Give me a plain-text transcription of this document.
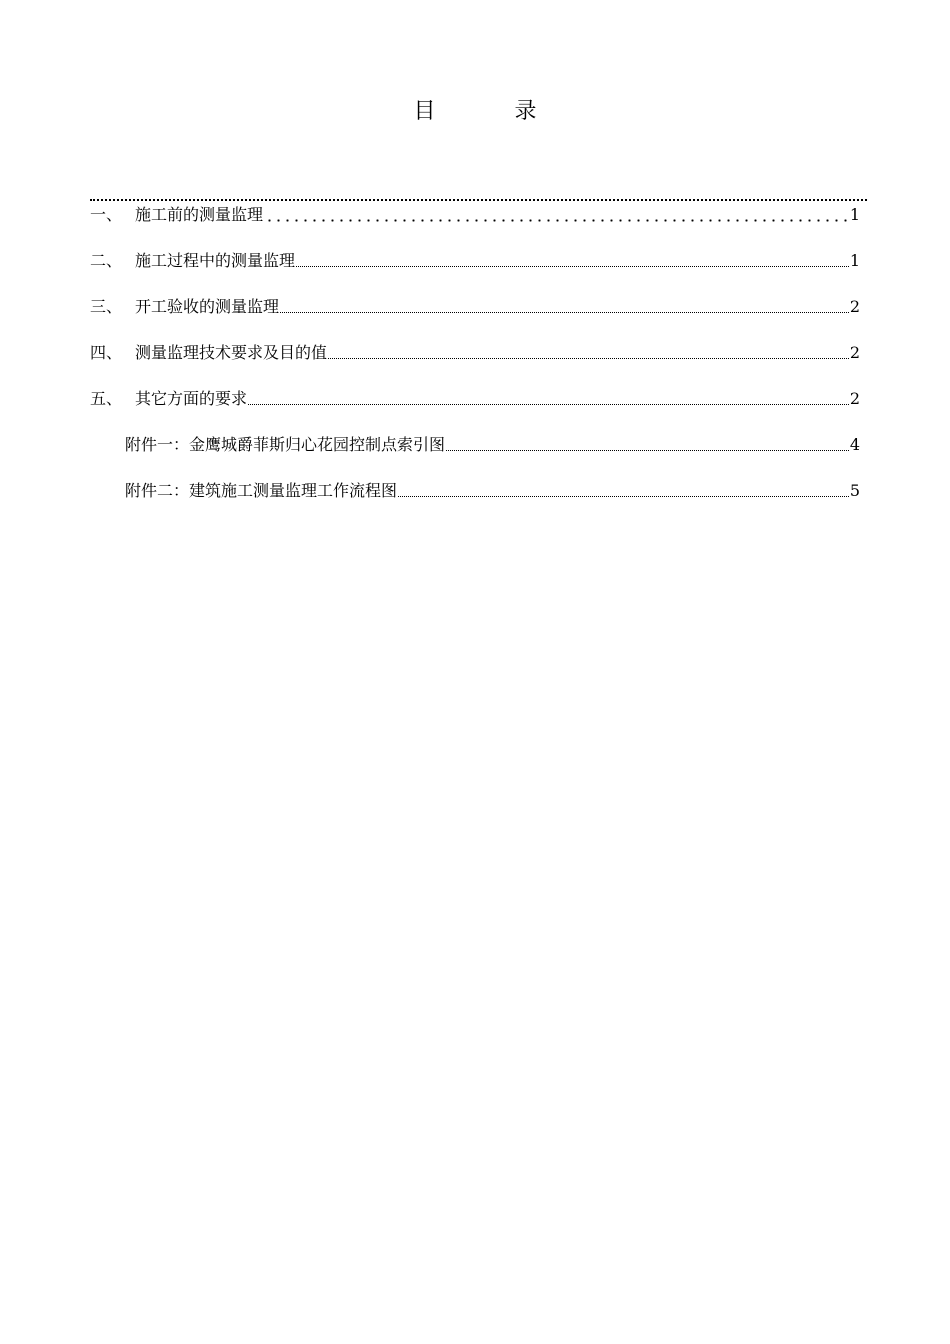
目 录
一、 施工前的测量监理	1
二、 施工过程中的测量监理	1
三、 开工验收的测量监理	2
四、 测量监理技术要求及目的值	2
五、 其它方面的要求	2
附件一：金鹰城爵菲斯归心花园控制点索引图	4
附件二：建筑施工测量监理工作流程图	5
